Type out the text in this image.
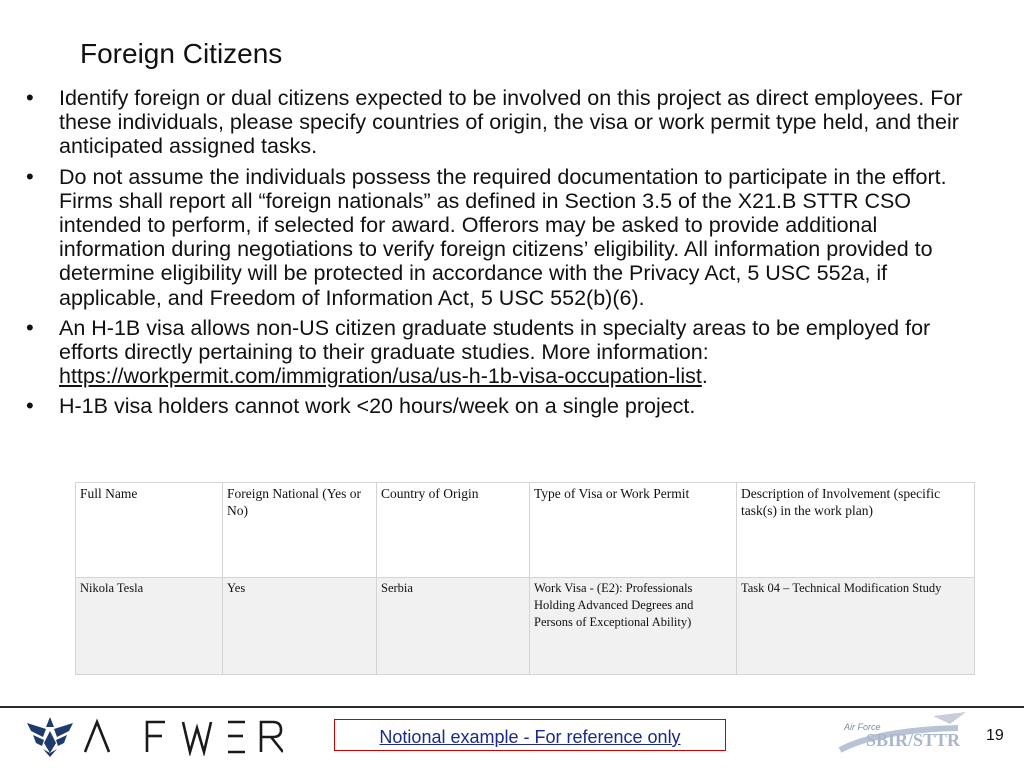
Foreign Citizens
• Identify foreign or dual citizens expected to be involved on this project as direct employees. For these individuals, please specify countries of origin, the visa or work permit type held, and their anticipated assigned tasks.
• Do not assume the individuals possess the required documentation to participate in the effort. Firms shall report all “foreign nationals” as defined in Section 3.5 of the X21.B STTR CSO intended to perform, if selected for award. Offerors may be asked to provide additional information during negotiations to verify foreign citizens’ eligibility. All information provided to determine eligibility will be protected in accordance with the Privacy Act, 5 USC 552a, if applicable, and Freedom of Information Act, 5 USC 552(b)(6).
• An H-1B visa allows non-US citizen graduate students in specialty areas to be employed for efforts directly pertaining to their graduate studies. More information: https://workpermit.com/immigration/usa/us-h-1b-visa-occupation-list.
• H-1B visa holders cannot work <20 hours/week on a single project.
Full Name	Foreign National (Yes or No)	Country of Origin	Type of Visa or Work Permit	Description of Involvement (specific task(s) in the work plan)
Nikola Tesla	Yes	Serbia	Work Visa - (E2): Professionals Holding Advanced Degrees and Persons of Exceptional Ability)	Task 04 – Technical Modification Study
Notional example - For reference only	Air Force
SBIR/STTR 19
